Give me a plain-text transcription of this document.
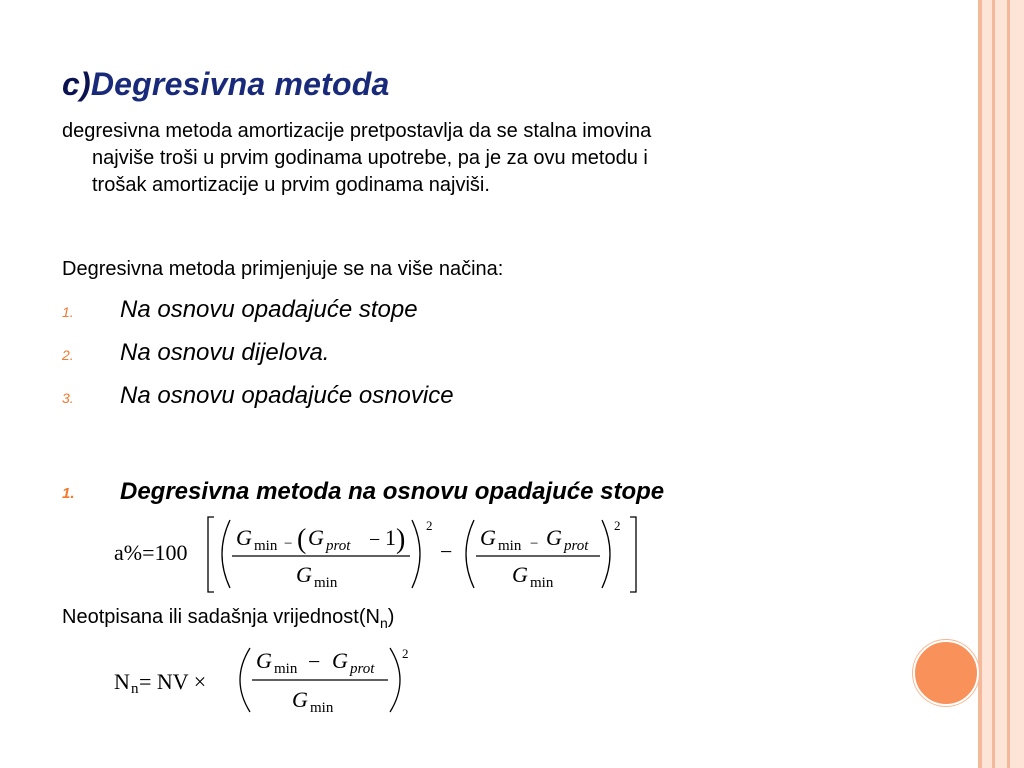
c)Degresivna metoda
degresivna metoda amortizacije pretpostavlja da se stalna imovina
najviše troši u prvim godinama upotrebe, pa je za ovu metodu i
trošak amortizacije u prvim godinama najviši.
Degresivna metoda primjenjuje se na više načina:
1. Na osnovu opadajuće stope
2. Na osnovu dijelova.
3. Na osnovu opadajuće osnovice
1. Degresivna metoda na osnovu opadajuće stope
a%=100
G min − ( G prot − 1 )
G min
2
−
G min − G prot
G min
2
Neotpisana ili sadašnja $vrijednost(N_n)$
N n = NV ×
G min − G prot
G min
2
